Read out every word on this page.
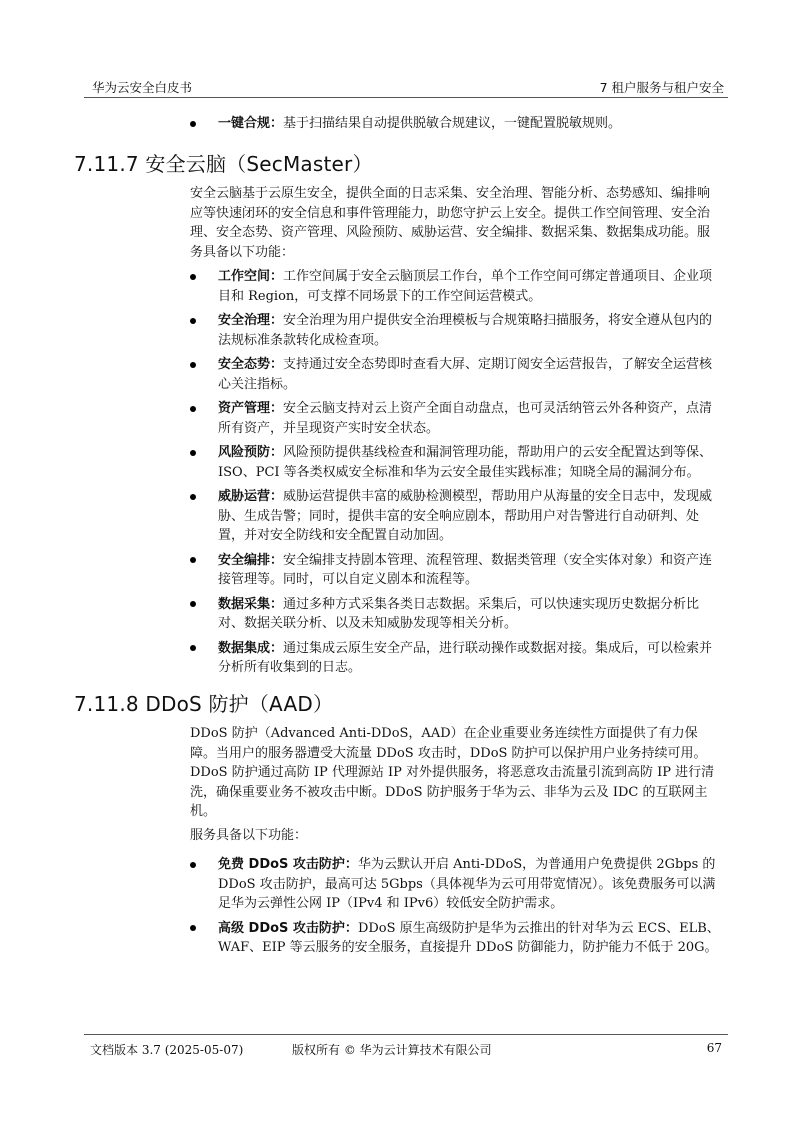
华为云安全白皮书	7 租户服务与租户安全
一键合规：基于扫描结果自动提供脱敏合规建议，一键配置脱敏规则。
7.11.7 安全云脑（SecMaster）

安全云脑基于云原生安全，提供全面的日志采集、安全治理、智能分析、态势感知、编排响应等快速闭环的安全信息和事件管理能力，助您守护云上安全。提供工作空间管理、安全治理、安全态势、资产管理、风险预防、威胁运营、安全编排、数据采集、数据集成功能。服务具备以下功能：

工作空间：工作空间属于安全云脑顶层工作台，单个工作空间可绑定普通项目、企业项目和 Region，可支撑不同场景下的工作空间运营模式。
安全治理：安全治理为用户提供安全治理模板与合规策略扫描服务，将安全遵从包内的法规标准条款转化成检查项。
安全态势：支持通过安全态势即时查看大屏、定期订阅安全运营报告，了解安全运营核心关注指标。
资产管理：安全云脑支持对云上资产全面自动盘点，也可灵活纳管云外各种资产，点清所有资产，并呈现资产实时安全状态。
风险预防：风险预防提供基线检查和漏洞管理功能，帮助用户的云安全配置达到等保、ISO、PCI 等各类权威安全标准和华为云安全最佳实践标准；知晓全局的漏洞分布。
威胁运营：威胁运营提供丰富的威胁检测模型，帮助用户从海量的安全日志中，发现威胁、生成告警；同时，提供丰富的安全响应剧本，帮助用户对告警进行自动研判、处置，并对安全防线和安全配置自动加固。
安全编排：安全编排支持剧本管理、流程管理、数据类管理（安全实体对象）和资产连接管理等。同时，可以自定义剧本和流程等。
数据采集：通过多种方式采集各类日志数据。采集后，可以快速实现历史数据分析比对、数据关联分析、以及未知威胁发现等相关分析。
数据集成：通过集成云原生安全产品，进行联动操作或数据对接。集成后，可以检索并分析所有收集到的日志。
7.11.8 DDoS 防护（AAD）

DDoS 防护（Advanced Anti-DDoS，AAD）在企业重要业务连续性方面提供了有力保障。当用户的服务器遭受大流量 DDoS 攻击时，DDoS 防护可以保护用户业务持续可用。DDoS 防护通过高防 IP 代理源站 IP 对外提供服务，将恶意攻击流量引流到高防 IP 进行清洗，确保重要业务不被攻击中断。DDoS 防护服务于华为云、非华为云及 IDC 的互联网主机。

服务具备以下功能：

免费 DDoS 攻击防护：华为云默认开启 Anti-DDoS，为普通用户免费提供 2Gbps 的 DDoS 攻击防护，最高可达 5Gbps（具体视华为云可用带宽情况）。该免费服务可以满足华为云弹性公网 IP（IPv4 和 IPv6）较低安全防护需求。
高级 DDoS 攻击防护：DDoS 原生高级防护是华为云推出的针对华为云 ECS、ELB、WAF、EIP 等云服务的安全服务，直接提升 DDoS 防御能力，防护能力不低于 20G。
文档版本 3.7 (2025-05-07)	版权所有 © 华为云计算技术有限公司	67
